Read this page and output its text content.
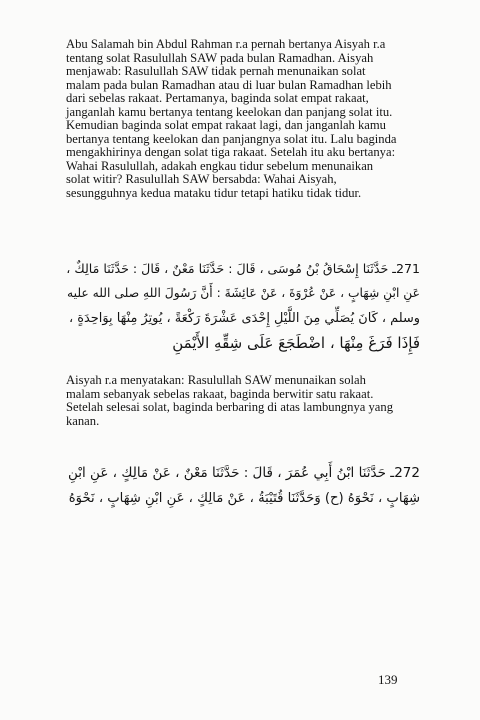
Abu Salamah bin Abdul Rahman r.a pernah bertanya Aisyah r.a
tentang solat Rasulullah SAW pada bulan Ramadhan. Aisyah
menjawab: Rasulullah SAW tidak pernah menunaikan solat
malam pada bulan Ramadhan atau di luar bulan Ramadhan lebih
dari sebelas rakaat. Pertamanya, baginda solat empat rakaat,
janganlah kamu bertanya tentang keelokan dan panjang solat itu.
Kemudian baginda solat empat rakaat lagi, dan janganlah kamu
bertanya tentang keelokan dan panjangnya solat itu. Lalu baginda
mengakhirinya dengan solat tiga rakaat. Setelah itu aku bertanya:
Wahai Rasulullah, adakah engkau tidur sebelum menunaikan
solat witir? Rasulullah SAW bersabda: Wahai Aisyah,
sesungguhnya kedua mataku tidur tetapi hatiku tidak tidur.

271ـ حَدَّثَنَا إِسْحَاقُ بْنُ مُوسَى ، قَالَ : حَدَّثَنَا مَعْنٌ ، قَالَ : حَدَّثَنَا مَالِكٌ ،
عَنِ ابْنِ شِهَابٍ ، عَنْ عُرْوَةَ ، عَنْ عَائِشَةَ : أَنَّ رَسُولَ اللهِ صلى الله عليه
وسلم ، كَانَ يُصَلِّي مِنَ اللَّيْلِ إِحْدَى عَشْرَةَ رَكْعَةً ، يُوتِرُ مِنْهَا بِوَاحِدَةٍ ،
فَإِذَا فَرَغَ مِنْهَا ، اضْطَجَعَ عَلَى شِقِّهِ الأَيْمَنِ

Aisyah r.a menyatakan: Rasulullah SAW menunaikan solah
malam sebanyak sebelas rakaat, baginda berwitir satu rakaat.
Setelah selesai solat, baginda berbaring di atas lambungnya yang
kanan.

272ـ حَدَّثَنَا ابْنُ أَبِي عُمَرَ ، قَالَ : حَدَّثَنَا مَعْنٌ ، عَنْ مَالِكٍ ، عَنِ ابْنِ
شِهَابٍ ، نَحْوَهُ (ح) وَحَدَّثَنَا قُتَيْبَةُ ، عَنْ مَالِكٍ ، عَنِ ابْنِ شِهَابٍ ، نَحْوَهُ
139
